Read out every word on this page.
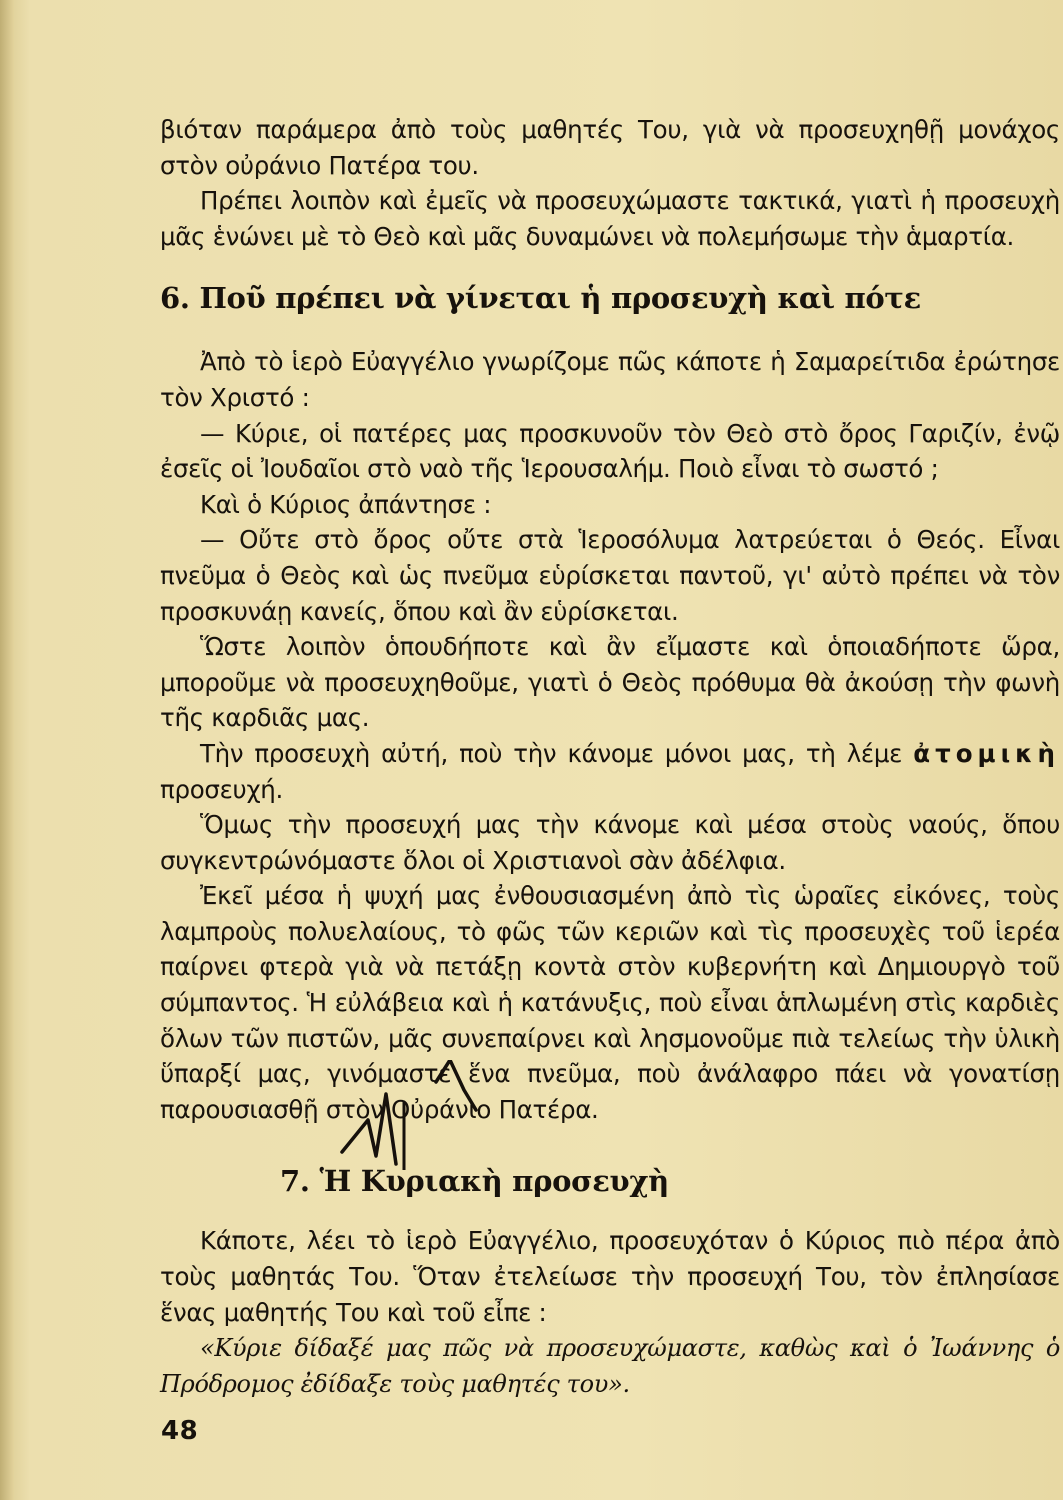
βιόταν παράμερα ἀπὸ τοὺς μαθητές Του, γιὰ νὰ προσευχηθῇ μονάχος στὸν οὐράνιο Πατέρα του.

Πρέπει λοιπὸν καὶ ἐμεῖς νὰ προσευχώμαστε τακτικά, γιατὶ ἡ προσευχὴ μᾶς ἑνώνει μὲ τὸ Θεὸ καὶ μᾶς δυναμώνει νὰ πολεμήσωμε τὴν ἁμαρτία.

6. Ποῦ πρέπει νὰ γίνεται ἡ προσευχὴ καὶ πότε

Ἀπὸ τὸ ἱερὸ Εὐαγγέλιο γνωρίζομε πῶς κάποτε ἡ Σαμαρείτιδα ἐρώτησε τὸν Χριστό :

— Κύριε, οἱ πατέρες μας προσκυνοῦν τὸν Θεὸ στὸ ὄρος Γαριζίν, ἐνῷ ἐσεῖς οἱ Ἰουδαῖοι στὸ ναὸ τῆς Ἱερουσαλήμ. Ποιὸ εἶναι τὸ σωστό ;

Καὶ ὁ Κύριος ἀπάντησε :

— Οὔτε στὸ ὄρος οὔτε στὰ Ἱεροσόλυμα λατρεύεται ὁ Θεός. Εἶναι πνεῦμα ὁ Θεὸς καὶ ὡς πνεῦμα εὑρίσκεται παντοῦ, γι' αὐτὸ πρέπει νὰ τὸν προσκυνάῃ κανείς, ὅπου καὶ ἂν εὑρίσκεται.

Ὥστε λοιπὸν ὁπουδήποτε καὶ ἂν εἴμαστε καὶ ὁποιαδήποτε ὥρα, μποροῦμε νὰ προσευχηθοῦμε, γιατὶ ὁ Θεὸς πρόθυμα θὰ ἀκούσῃ τὴν φωνὴ τῆς καρδιᾶς μας.

Τὴν προσευχὴ αὐτή, ποὺ τὴν κάνομε μόνοι μας, τὴ λέμε ἀτομικὴ προσευχή.

Ὅμως τὴν προσευχή μας τὴν κάνομε καὶ μέσα στοὺς ναούς, ὅπου συγκεντρώνόμαστε ὅλοι οἱ Χριστιανοὶ σὰν ἀδέλφια.

Ἐκεῖ μέσα ἡ ψυχή μας ἐνθουσιασμένη ἀπὸ τὶς ὡραῖες εἰκόνες, τοὺς λαμπροὺς πολυελαίους, τὸ φῶς τῶν κεριῶν καὶ τὶς προσευχὲς τοῦ ἱερέα παίρνει φτερὰ γιὰ νὰ πετάξῃ κοντὰ στὸν κυβερνήτη καὶ Δημιουργὸ τοῦ σύμπαντος. Ἡ εὐλάβεια καὶ ἡ κατάνυξις, ποὺ εἶναι ἁπλωμένη στὶς καρδιὲς ὅλων τῶν πιστῶν, μᾶς συνεπαίρνει καὶ λησμονοῦμε πιὰ τελείως τὴν ὑλικὴ ὕπαρξί μας, γινόμαστε ἕνα πνεῦμα, ποὺ ἀνάλαφρο πάει νὰ γονατίσῃ παρουσιασθῇ στὸν Οὐράνιο Πατέρα.

7. Ἡ Κυριακὴ προσευχὴ

Κάποτε, λέει τὸ ἱερὸ Εὐαγγέλιο, προσευχόταν ὁ Κύριος πιὸ πέρα ἀπὸ τοὺς μαθητάς Του. Ὅταν ἐτελείωσε τὴν προσευχή Του, τὸν ἐπλησίασε ἕνας μαθητής Του καὶ τοῦ εἶπε :

«Κύριε δίδαξέ μας πῶς νὰ προσευχώμαστε, καθὼς καὶ ὁ Ἰωάννης ὁ Πρόδρομος ἐδίδαξε τοὺς μαθητές του».

48
